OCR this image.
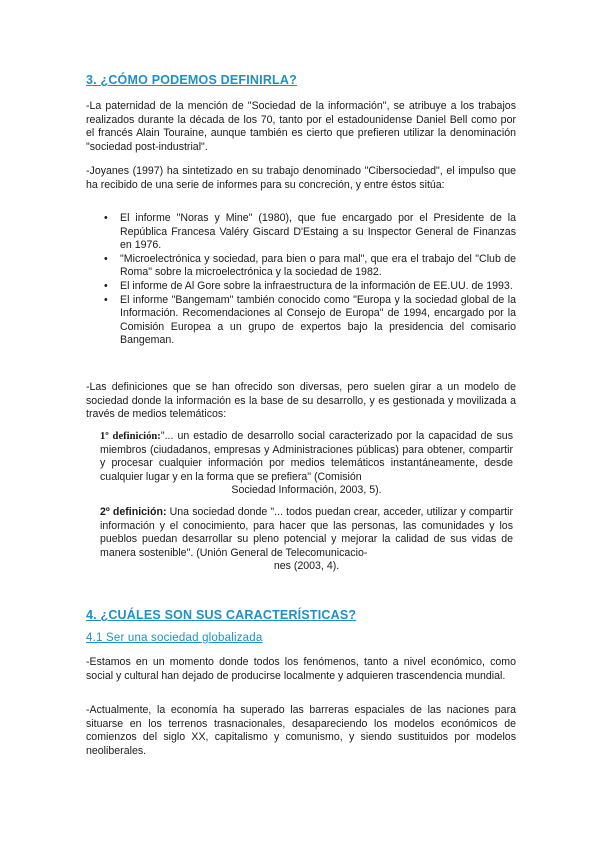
3. ¿CÓMO PODEMOS DEFINIRLA?

-La paternidad de la mención de "Sociedad de la información", se atribuye a los trabajos realizados durante la década de los 70, tanto por el estadounidense Daniel Bell como por el francés Alain Touraine, aunque también es cierto que prefieren utilizar la denominación "sociedad post-industrial".

-Joyanes (1997) ha sintetizado en su trabajo denominado "Cibersociedad", el impulso que ha recibido de una serie de informes para su concreción, y entre éstos sitúa:

• El informe "Noras y Mine" (1980), que fue encargado por el Presidente de la República Francesa Valéry Giscard D'Estaing a su Inspector General de Finanzas en 1976.
• "Microelectrónica y sociedad, para bien o para mal", que era el trabajo del "Club de Roma" sobre la microelectrónica y la sociedad de 1982.
• El informe de Al Gore sobre la infraestructura de la información de EE.UU. de 1993.
• El informe "Bangemam" también conocido como "Europa y la sociedad global de la Información. Recomendaciones al Consejo de Europa" de 1994, encargado por la Comisión Europea a un grupo de expertos bajo la presidencia del comisario Bangeman.

-Las definiciones que se han ofrecido son diversas, pero suelen girar a un modelo de sociedad donde la información es la base de su desarrollo, y es gestionada y movilizada a través de medios telemáticos:

1º definición:"... un estadio de desarrollo social caracterizado por la capacidad de sus miembros (ciudadanos, empresas y Administraciones públicas) para obtener, compartir y procesar cualquier información por medios telemáticos instantáneamente, desde cualquier lugar y en la forma que se prefiera" (Comisión
Sociedad Información, 2003, 5).

2º definición: Una sociedad donde "... todos puedan crear, acceder, utilizar y compartir información y el conocimiento, para hacer que las personas, las comunidades y los pueblos puedan desarrollar su pleno potencial y mejorar la calidad de sus vidas de manera sostenible". (Unión General de Telecomunicacio-
nes (2003, 4).

4. ¿CUÁLES SON SUS CARACTERÍSTICAS?
4.1 Ser una sociedad globalizada

-Estamos en un momento donde todos los fenómenos, tanto a nivel económico, como social y cultural han dejado de producirse localmente y adquieren trascendencia mundial.

-Actualmente, la economía ha superado las barreras espaciales de las naciones para situarse en los terrenos trasnacionales, desapareciendo los modelos económicos de comienzos del siglo XX, capitalismo y comunismo, y siendo sustituidos por modelos neoliberales.
